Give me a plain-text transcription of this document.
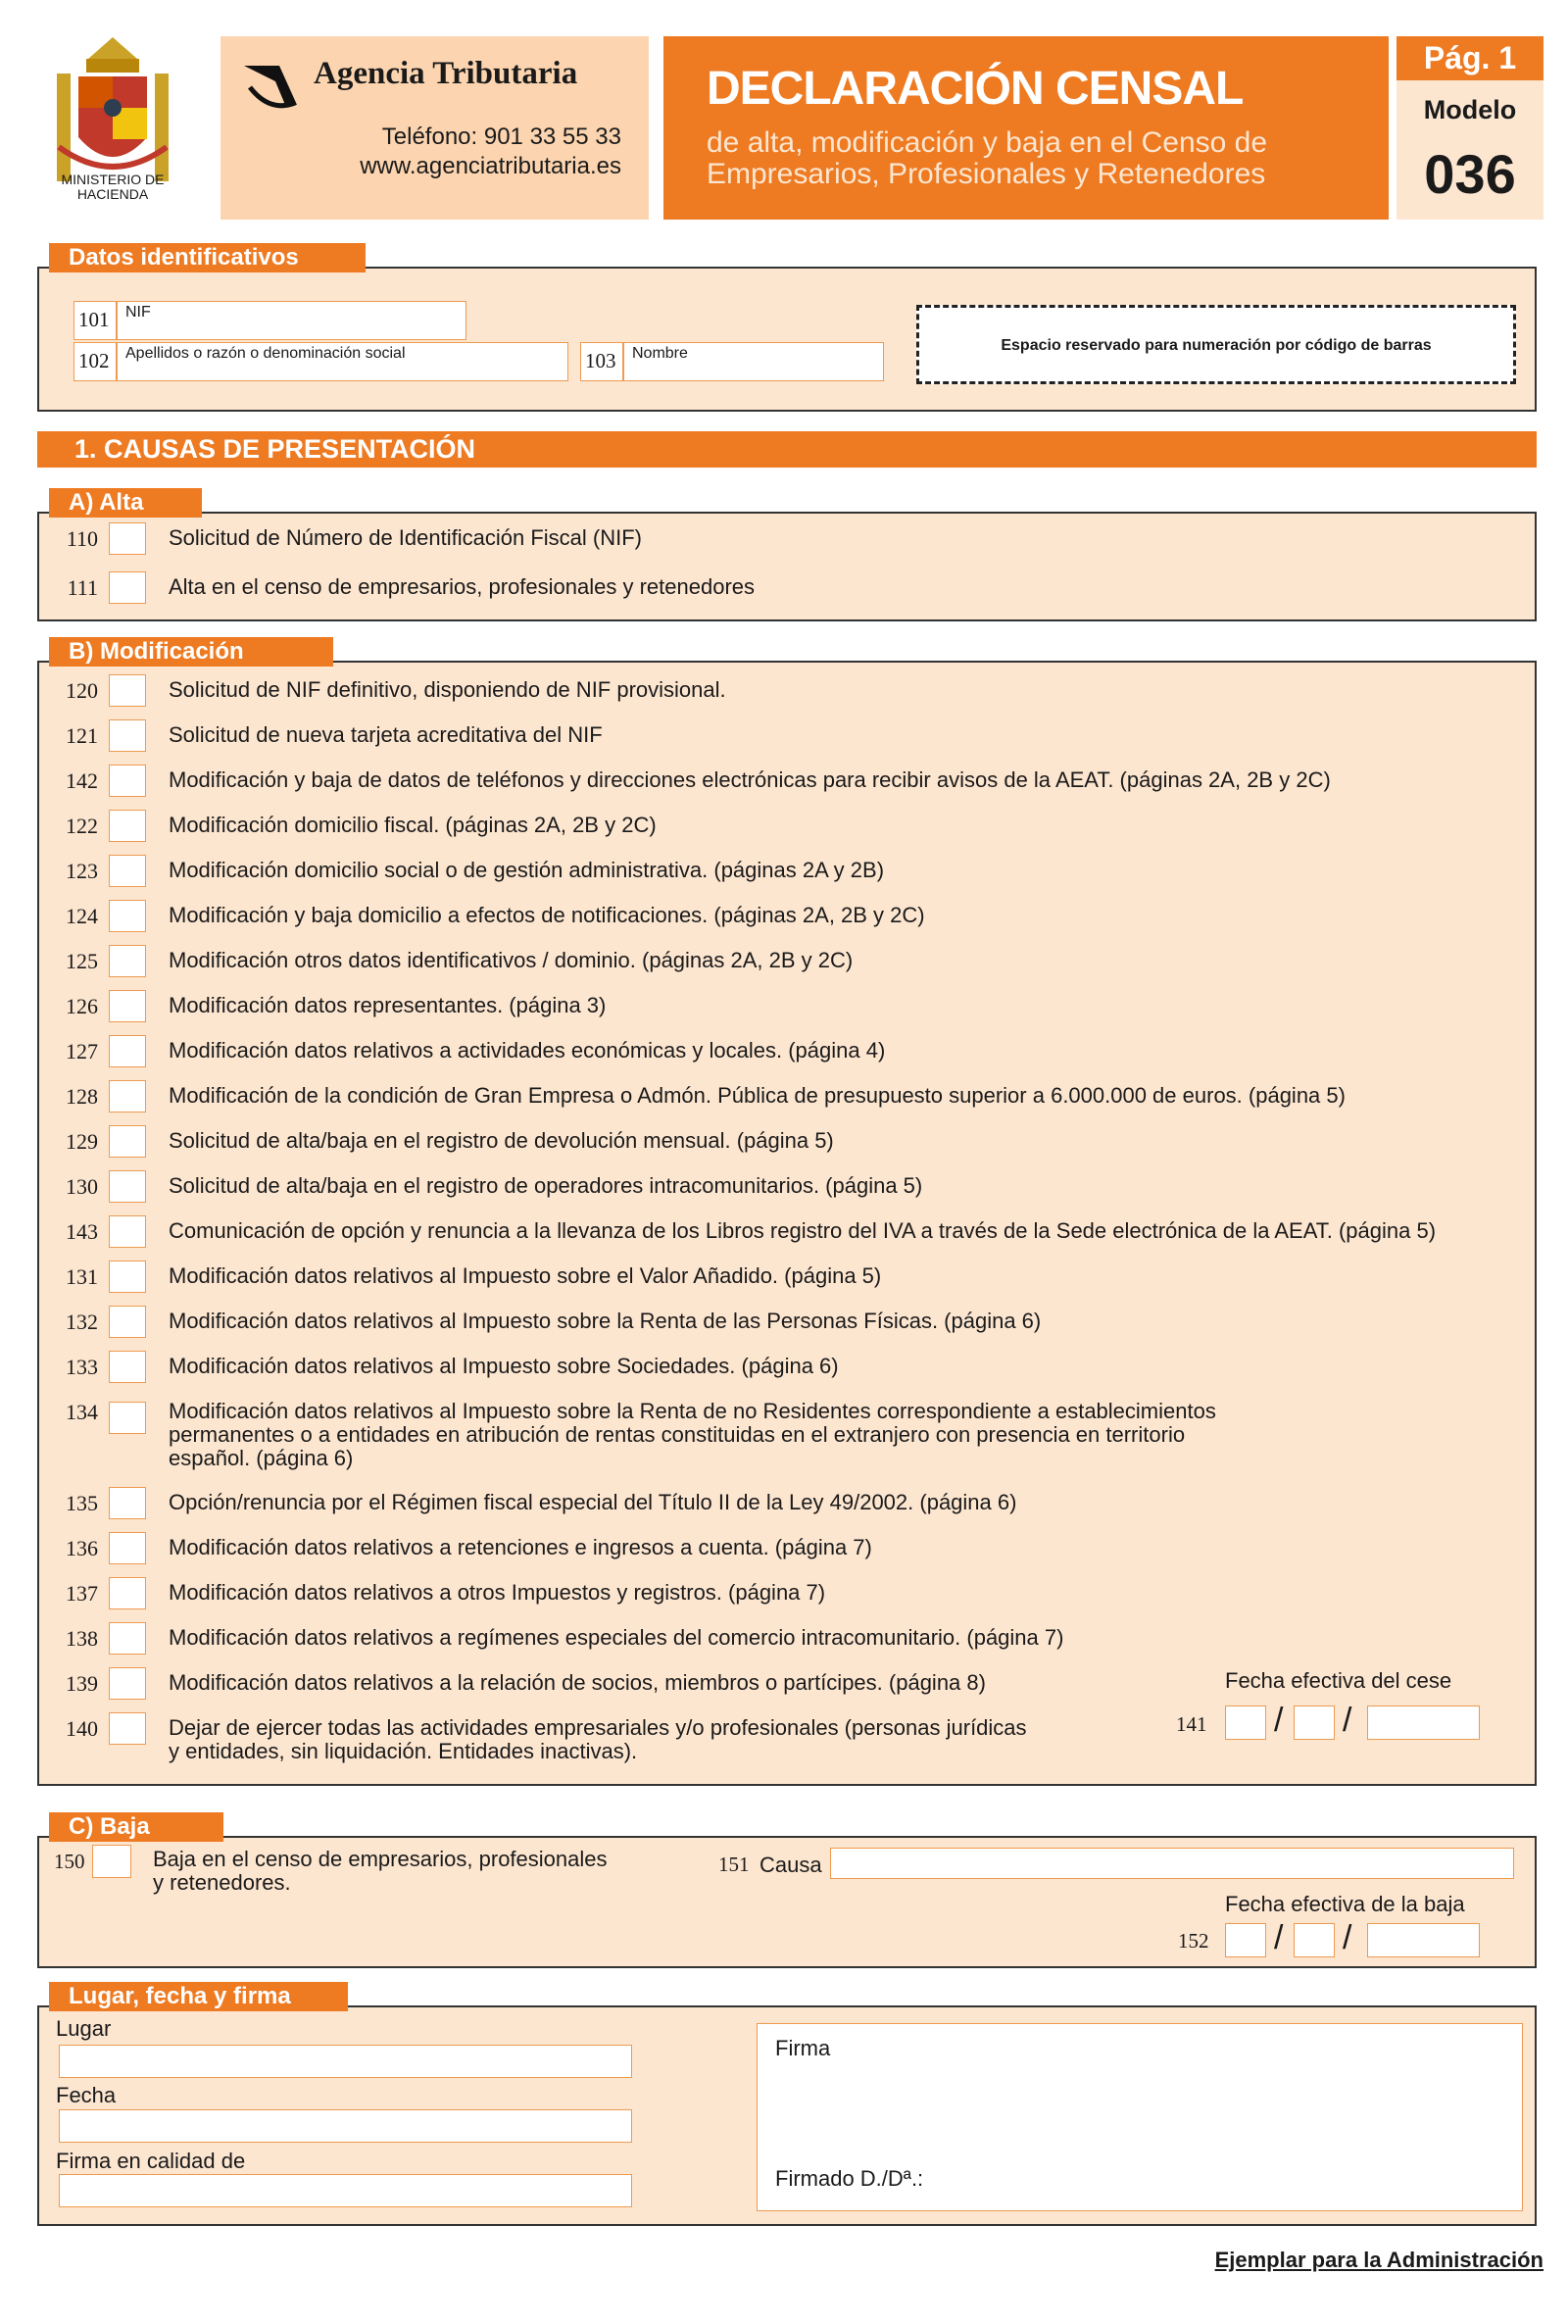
MINISTERIO DE HACIENDA
Agencia Tributaria
Teléfono: 901 33 55 33
www.agenciatributaria.es
DECLARACIÓN CENSAL
de alta, modificación y baja en el Censo de Empresarios, Profesionales y Retenedores
Pág. 1
Modelo
036
Datos identificativos
101	NIF
102	Apellidos o razón o denominación social	103	Nombre	Espacio reservado para numeración por código de barras
1. CAUSAS DE PRESENTACIÓN
A) Alta
110	Solicitud de Número de Identificación Fiscal (NIF)
111	Alta en el censo de empresarios, profesionales y retenedores
B) Modificación
120	Solicitud de NIF definitivo, disponiendo de NIF provisional.
121	Solicitud de nueva tarjeta acreditativa del NIF
142	Modificación y baja de datos de teléfonos y direcciones electrónicas para recibir avisos de la AEAT. (páginas 2A, 2B y 2C)
122	Modificación domicilio fiscal. (páginas 2A, 2B y 2C)
123	Modificación domicilio social o de gestión administrativa. (páginas 2A y 2B)
124	Modificación y baja domicilio a efectos de notificaciones. (páginas 2A, 2B y 2C)
125	Modificación otros datos identificativos / dominio. (páginas 2A, 2B y 2C)
126	Modificación datos representantes. (página 3)
127	Modificación datos relativos a actividades económicas y locales. (página 4)
128	Modificación de la condición de Gran Empresa o Admón. Pública de presupuesto superior a 6.000.000 de euros. (página 5)
129	Solicitud de alta/baja en el registro de devolución mensual. (página 5)
130	Solicitud de alta/baja en el registro de operadores intracomunitarios. (página 5)
143	Comunicación de opción y renuncia a la llevanza de los Libros registro del IVA a través de la Sede electrónica de la AEAT. (página 5)
131	Modificación datos relativos al Impuesto sobre el Valor Añadido. (página 5)
132	Modificación datos relativos al Impuesto sobre la Renta de las Personas Físicas. (página 6)
133	Modificación datos relativos al Impuesto sobre Sociedades. (página 6)
134	Modificación datos relativos al Impuesto sobre la Renta de no Residentes correspondiente a establecimientos permanentes o a entidades en atribución de rentas constituidas en el extranjero con presencia en territorio español. (página 6)
135	Opción/renuncia por el Régimen fiscal especial del Título II de la Ley 49/2002. (página 6)
136	Modificación datos relativos a retenciones e ingresos a cuenta. (página 7)
137	Modificación datos relativos a otros Impuestos y registros. (página 7)
138	Modificación datos relativos a regímenes especiales del comercio intracomunitario. (página 7)
139	Modificación datos relativos a la relación de socios, miembros o partícipes. (página 8)
140	Dejar de ejercer todas las actividades empresariales y/o profesionales (personas jurídicas y entidades, sin liquidación. Entidades inactivas).
Fecha efectiva del cese
141 / /
C) Baja
150	Baja en el censo de empresarios, profesionales y retenedores.
151 Causa
Fecha efectiva de la baja
152 / /
Lugar, fecha y firma
Lugar
Fecha
Firma en calidad de
Firma
Firmado D./Dª.:
Ejemplar para la Administración
